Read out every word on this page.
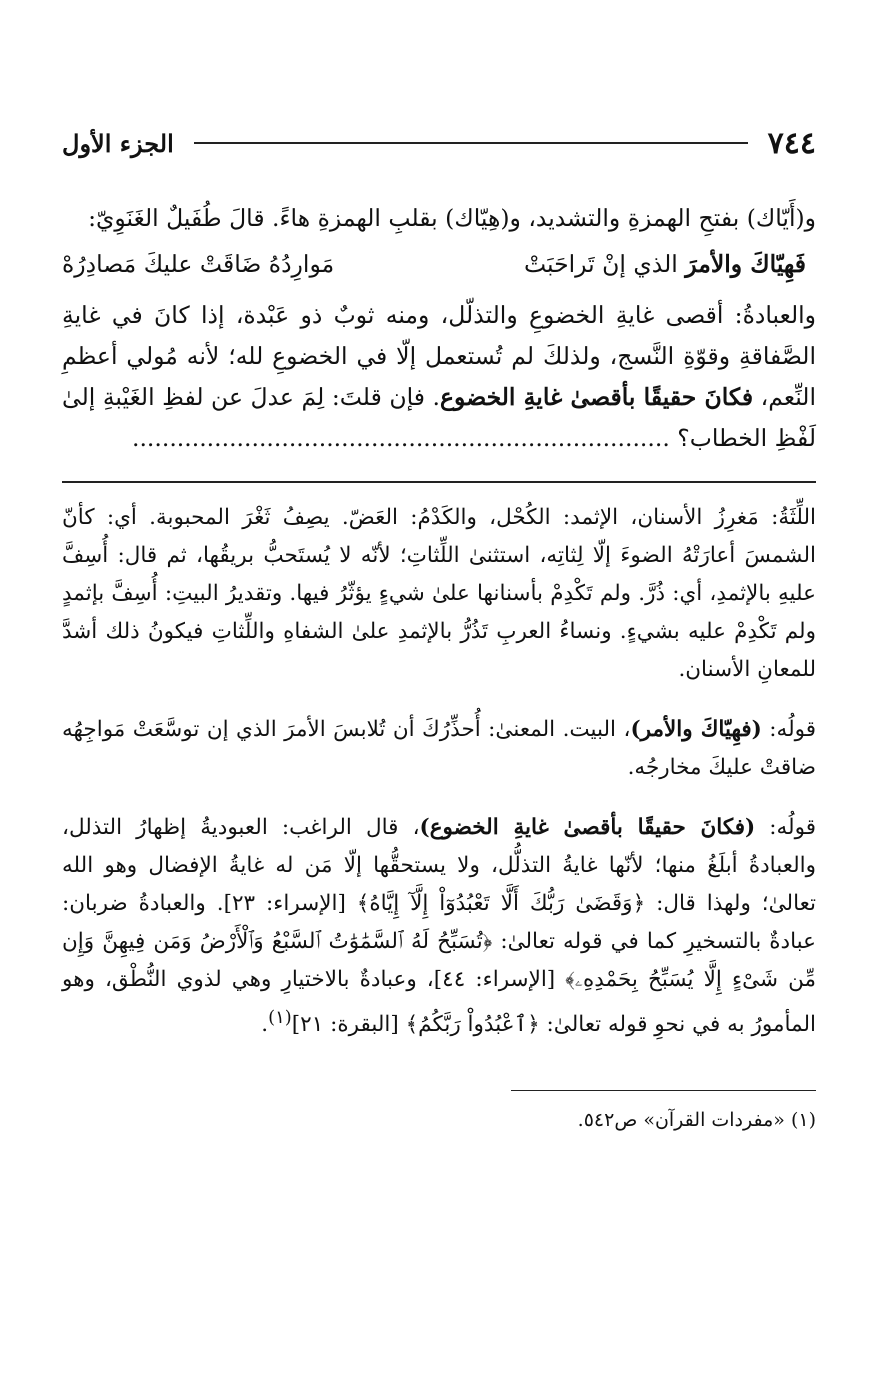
٧٤٤
الجزء الأول

و(أَيّاك) بفتحِ الهمزةِ والتشديد، و(هِيّاك) بقلبِ الهمزةِ هاءً. قالَ طُفَيلٌ الغَنَوِيّ:

فَهِيّاكَ والأمرَ الذي إنْ تَراحَبَتْ
مَوارِدُهُ ضَاقَتْ عليكَ مَصادِرُهْ

والعبادةُ: أقصى غايةِ الخضوعِ والتذلّل، ومنه ثوبٌ ذو عَبْدة، إذا كانَ في غايةِ الصَّفاقةِ وقوّةِ النَّسج، ولذلكَ لم تُستعمل إلّا في الخضوعِ لله؛ لأنه مُولي أعظمِ النِّعم، فكانَ حقيقًا بأقصىٰ غايةِ الخضوع. فإن قلتَ: لِمَ عدلَ عن لفظِ الغَيْبةِ إلىٰ لَفْظِ الخطاب؟ ........................................................................

اللِّثَةُ: مَغرِزُ الأسنان، الإثمد: الكُحْل، والكَدْمُ: العَضّ. يصِفُ ثَغْرَ المحبوبة. أي: كأنّ الشمسَ أعارَتْهُ الضوءَ إلّا لِثاتِه، استثنىٰ اللِّثاتِ؛ لأنّه لا يُستَحبُّ بريقُها، ثم قال: أُسِفَّ عليهِ بالإثمدِ، أي: ذُرَّ. ولم تَكْدِمْ بأسنانها علىٰ شيءٍ يؤثّرُ فيها. وتقديرُ البيتِ: أُسِفَّ بإثمدٍ ولم تَكْدِمْ عليه بشيءٍ. ونساءُ العربِ تَذُرُّ بالإثمدِ علىٰ الشفاهِ واللِّثاتِ فيكونُ ذلك أشدَّ للمعانِ الأسنان.

قولُه: (فهِيّاكَ والأمر)، البيت. المعنىٰ: أُحذِّرُكَ أن تُلابسَ الأمرَ الذي إن توسَّعَتْ مَواجِهُه ضاقتْ عليكَ مخارجُه.

قولُه: (فكانَ حقيقًا بأقصىٰ غايةِ الخضوع)، قال الراغب: العبوديةُ إظهارُ التذلل، والعبادةُ أبلَغُ منها؛ لأنّها غايةُ التذلُّل، ولا يستحقُّها إلّا مَن له غايةُ الإفضال وهو الله تعالىٰ؛ ولهذا قال: ﴿وَقَضَىٰ رَبُّكَ أَلَّا تَعْبُدُوٓاْ إِلَّآ إِيَّاهُ﴾ [الإسراء: ٢٣]. والعبادةُ ضربان: عبادةٌ بالتسخيرِ كما في قوله تعالىٰ: ﴿تُسَبِّحُ لَهُ ٱلسَّمَٰوَٰتُ ٱلسَّبْعُ وَٱلْأَرْضُ وَمَن فِيهِنَّ وَإِن مِّن شَىْءٍ إِلَّا يُسَبِّحُ بِحَمْدِهِۦ﴾ [الإسراء: ٤٤]، وعبادةٌ بالاختيارِ وهي لذوي النُّطْق، وهو المأمورُ به في نحوِ قوله تعالىٰ: ﴿ٱعْبُدُواْ رَبَّكُمُ﴾ [البقرة: ٢١]$^{(١)}$.

(١) «مفردات القرآن» ص٥٤٢.
